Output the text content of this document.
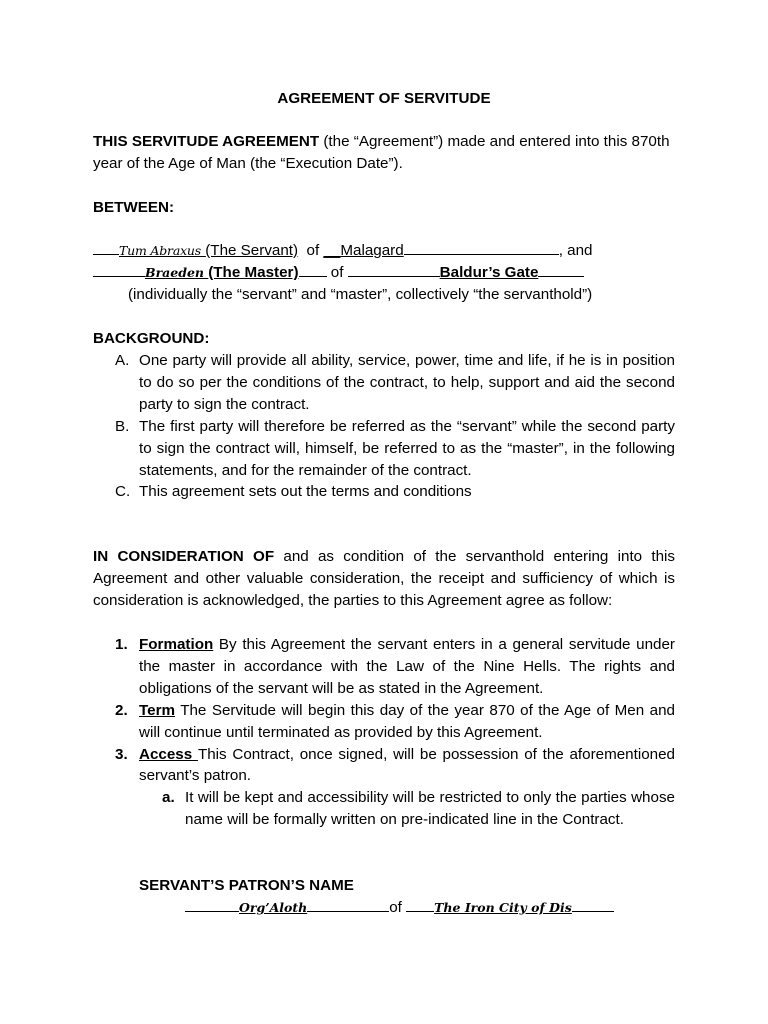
AGREEMENT OF SERVITUDE
THIS SERVITUDE AGREEMENT (the “Agreement”) made and entered into this 870th year of the Age of Man (the “Execution Date”).
BETWEEN:
Tum Abraxus (The Servant) of __Malagard	, and
Braeden (The Master) of	Baldur’s Gate
(individually the “servant” and “master”, collectively “the servanthold”)
BACKGROUND:
A. One party will provide all ability, service, power, time and life, if he is in position to do so per the conditions of the contract, to help, support and aid the second party to sign the contract.
B. The first party will therefore be referred as the “servant” while the second party to sign the contract will, himself, be referred to as the “master”, in the following statements, and for the remainder of the contract.
C. This agreement sets out the terms and conditions
IN CONSIDERATION OF and as condition of the servanthold entering into this Agreement and other valuable consideration, the receipt and sufficiency of which is consideration is acknowledged, the parties to this Agreement agree as follow:
1. Formation By this Agreement the servant enters in a general servitude under the master in accordance with the Law of the Nine Hells. The rights and obligations of the servant will be as stated in the Agreement.
2. Term The Servitude will begin this day of the year 870 of the Age of Men and will continue until terminated as provided by this Agreement.
3. Access This Contract, once signed, will be possession of the aforementioned servant’s patron.
a. It will be kept and accessibility will be restricted to only the parties whose name will be formally written on pre-indicated line in the Contract.
SERVANT’S PATRON’S NAME
Org’Aloth	of	The Iron City of Dis
